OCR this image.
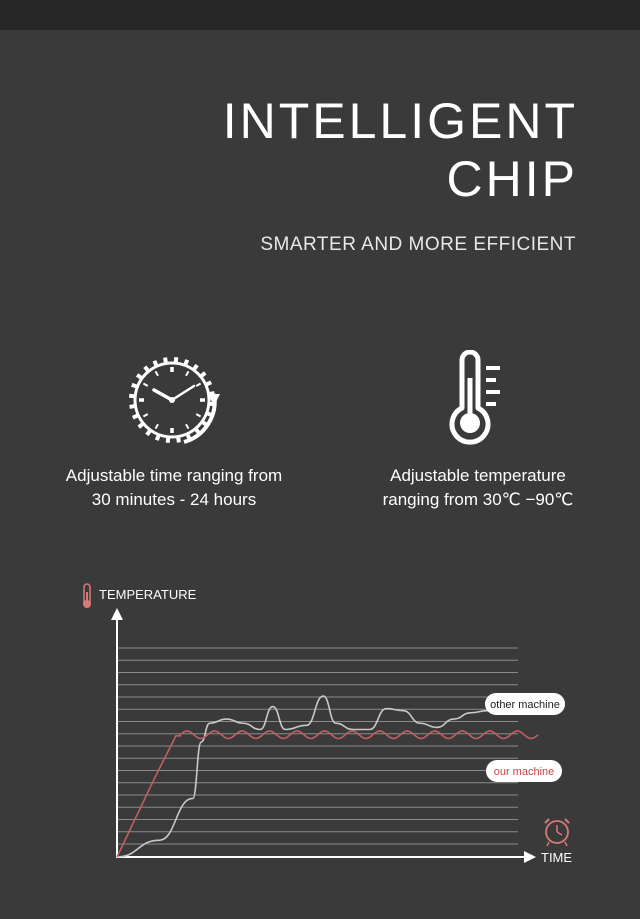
INTELLIGENT
CHIP
SMARTER AND MORE EFFICIENT
Adjustable time ranging from
30 minutes - 24 hours
Adjustable temperature
ranging from 30℃ −90℃
TEMPERATURE
TIME
other machine
our machine
